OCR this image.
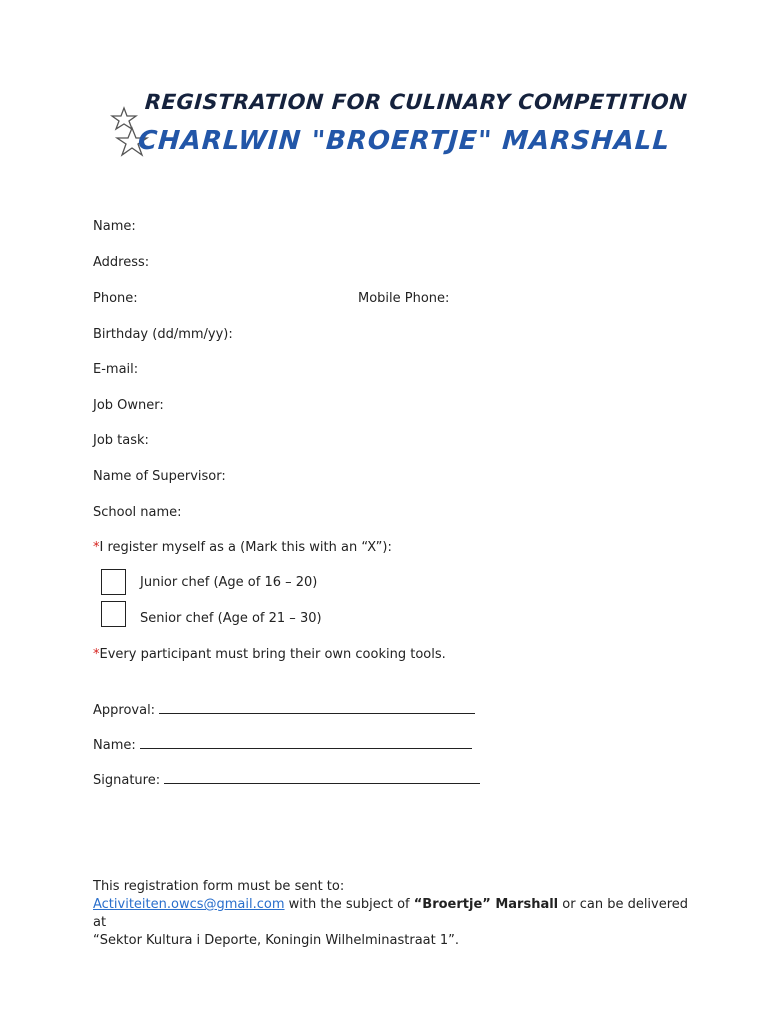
REGISTRATION FOR CULINARY COMPETITION
CHARLWIN "BROERTJE" MARSHALL
Name:
Address:
Phone:	Mobile Phone:
Birthday (dd/mm/yy):
E-mail:
Job Owner:
Job task:
Name of Supervisor:
School name:
*I register myself as a (Mark this with an “X”):
Junior chef (Age of 16 – 20)
Senior chef (Age of 21 – 30)
*Every participant must bring their own cooking tools.
Approval:
Name:
Signature:
This registration form must be sent to:
Activiteiten.owcs@gmail.com with the subject of “Broertje” Marshall or can be delivered at
“Sektor Kultura i Deporte, Koningin Wilhelminastraat 1”.
